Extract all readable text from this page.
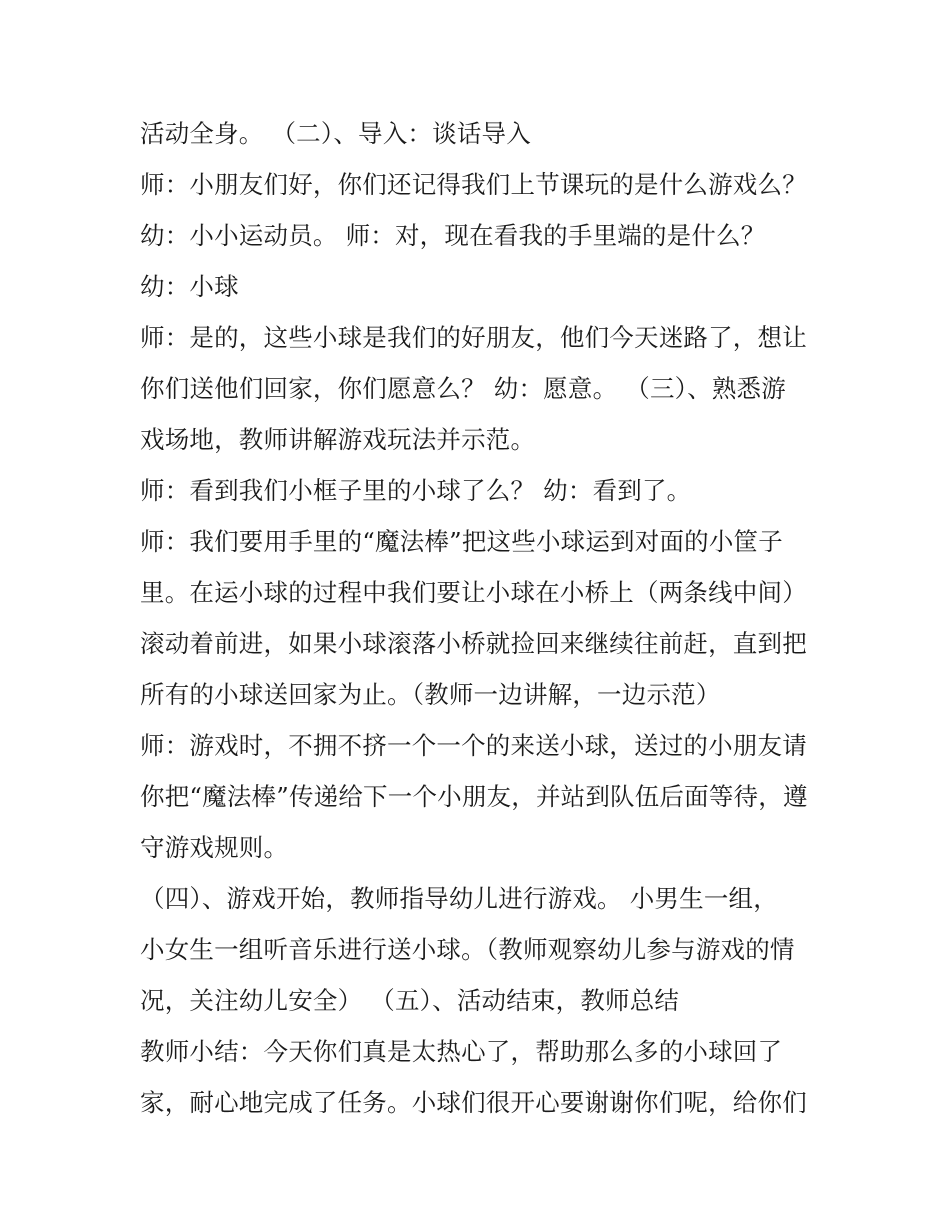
活动全身。 （二）、导入：谈话导入
师：小朋友们好，你们还记得我们上节课玩的是什么游戏么？
幼：小小运动员。 师：对，现在看我的手里端的是什么？
幼：小球
师：是的，这些小球是我们的好朋友，他们今天迷路了，想让
你们送他们回家，你们愿意么？ 幼：愿意。 （三）、熟悉游
戏场地，教师讲解游戏玩法并示范。
师：看到我们小框子里的小球了么？ 幼：看到了。
师：我们要用手里的“魔法棒”把这些小球运到对面的小筐子
里。在运小球的过程中我们要让小球在小桥上（两条线中间）
滚动着前进，如果小球滚落小桥就捡回来继续往前赶，直到把
所有的小球送回家为止。（教师一边讲解，一边示范）
师：游戏时，不拥不挤一个一个的来送小球，送过的小朋友请
你把“魔法棒”传递给下一个小朋友，并站到队伍后面等待，遵
守游戏规则。
（四）、游戏开始，教师指导幼儿进行游戏。 小男生一组，
小女生一组听音乐进行送小球。（教师观察幼儿参与游戏的情
况，关注幼儿安全） （五）、活动结束，教师总结
教师小结：今天你们真是太热心了，帮助那么多的小球回了
家，耐心地完成了任务。小球们很开心要谢谢你们呢，给你们
